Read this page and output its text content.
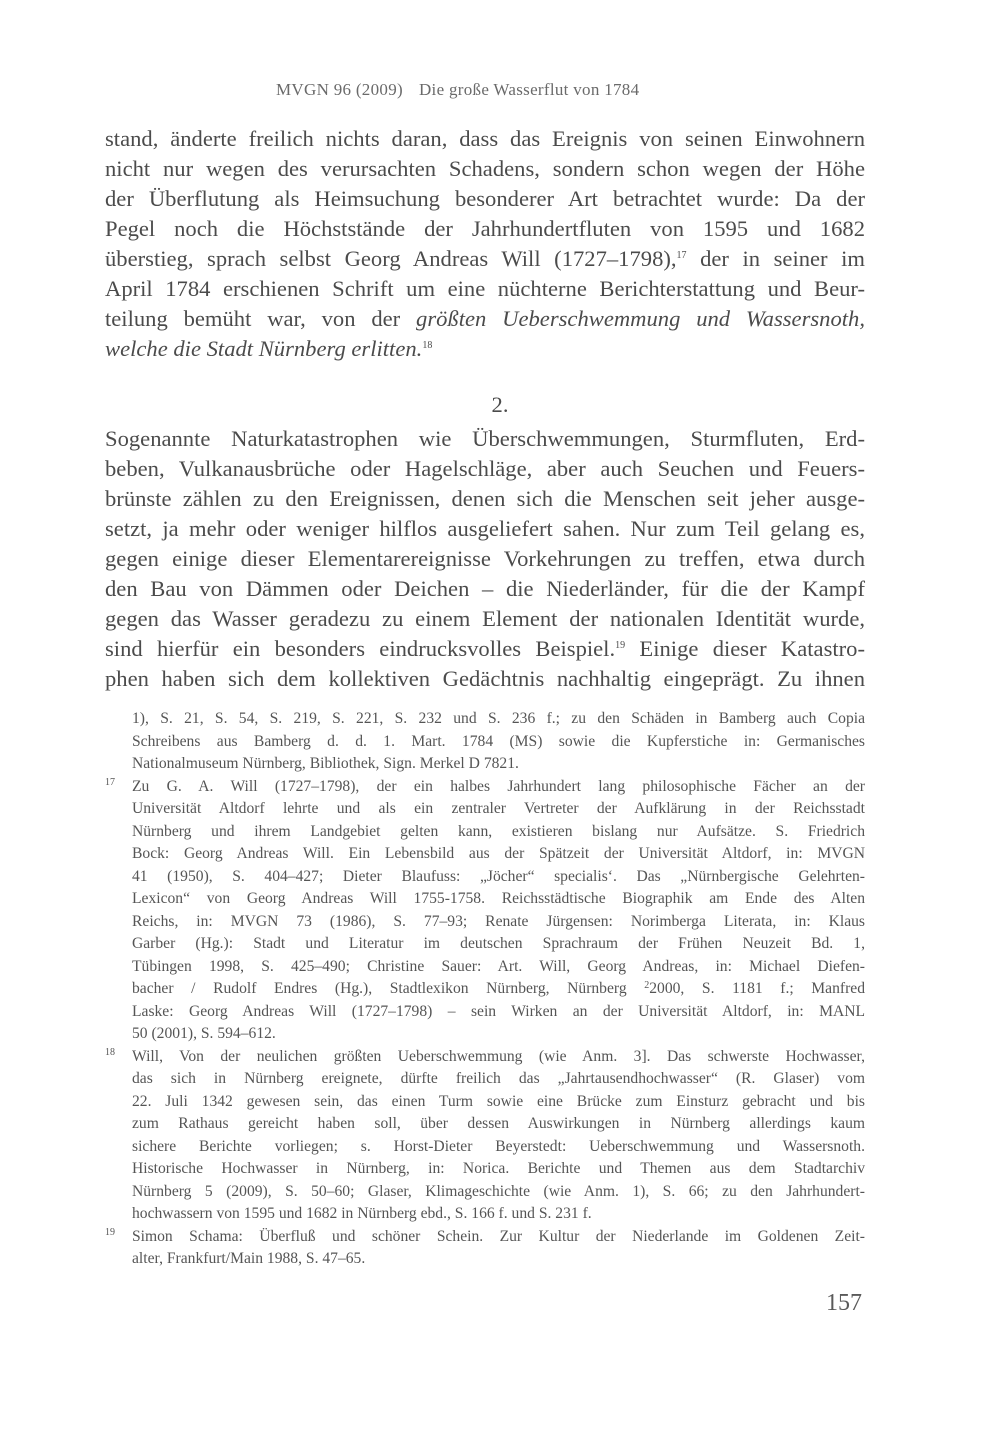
MVGN 96 (2009) Die große Wasserflut von 1784
stand, änderte freilich nichts daran, dass das Ereignis von seinen Einwohnern
nicht nur wegen des verursachten Schadens, sondern schon wegen der Höhe
der Überflutung als Heimsuchung besonderer Art betrachtet wurde: Da der
Pegel noch die Höchststände der Jahrhundertfluten von 1595 und 1682
überstieg, sprach selbst Georg Andreas Will (1727–1798),$^{17}$ der in seiner im
April 1784 erschienen Schrift um eine nüchterne Berichterstattung und Beur-
teilung bemüht war, von der größten Ueberschwemmung und Wassersnoth,
welche die Stadt Nürnberg erlitten.$^{18}$
2.
Sogenannte Naturkatastrophen wie Überschwemmungen, Sturmfluten, Erd-
beben, Vulkanausbrüche oder Hagelschläge, aber auch Seuchen und Feuers-
brünste zählen zu den Ereignissen, denen sich die Menschen seit jeher ausge-
setzt, ja mehr oder weniger hilflos ausgeliefert sahen. Nur zum Teil gelang es,
gegen einige dieser Elementarereignisse Vorkehrungen zu treffen, etwa durch
den Bau von Dämmen oder Deichen – die Niederländer, für die der Kampf
gegen das Wasser geradezu zu einem Element der nationalen Identität wurde,
sind hierfür ein besonders eindrucksvolles Beispiel.$^{19}$ Einige dieser Katastro-
phen haben sich dem kollektiven Gedächtnis nachhaltig eingeprägt. Zu ihnen
1), S. 21, S. 54, S. 219, S. 221, S. 232 und S. 236 f.; zu den Schäden in Bamberg auch Copia
Schreibens aus Bamberg d. d. 1. Mart. 1784 (MS) sowie die Kupferstiche in: Germanisches
Nationalmuseum Nürnberg, Bibliothek, Sign. Merkel D 7821.
17 Zu G. A. Will (1727–1798), der ein halbes Jahrhundert lang philosophische Fächer an der
Universität Altdorf lehrte und als ein zentraler Vertreter der Aufklärung in der Reichsstadt
Nürnberg und ihrem Landgebiet gelten kann, existieren bislang nur Aufsätze. S. Friedrich
Bock: Georg Andreas Will. Ein Lebensbild aus der Spätzeit der Universität Altdorf, in: MVGN
41 (1950), S. 404–427; Dieter Blaufuss: „Jöcher“ specialis‘. Das „Nürnbergische Gelehrten-
Lexicon“ von Georg Andreas Will 1755-1758. Reichsstädtische Biographik am Ende des Alten
Reichs, in: MVGN 73 (1986), S. 77–93; Renate Jürgensen: Norimberga Literata, in: Klaus
Garber (Hg.): Stadt und Literatur im deutschen Sprachraum der Frühen Neuzeit Bd. 1,
Tübingen 1998, S. 425–490; Christine Sauer: Art. Will, Georg Andreas, in: Michael Diefen-
bacher / Rudolf Endres (Hg.), Stadtlexikon Nürnberg, Nürnberg $^2$2000, S. 1181 f.; Manfred
Laske: Georg Andreas Will (1727–1798) – sein Wirken an der Universität Altdorf, in: MANL
50 (2001), S. 594–612.
18 Will, Von der neulichen größten Ueberschwemmung (wie Anm. 3]. Das schwerste Hochwasser,
das sich in Nürnberg ereignete, dürfte freilich das „Jahrtausendhochwasser“ (R. Glaser) vom
22. Juli 1342 gewesen sein, das einen Turm sowie eine Brücke zum Einsturz gebracht und bis
zum Rathaus gereicht haben soll, über dessen Auswirkungen in Nürnberg allerdings kaum
sichere Berichte vorliegen; s. Horst-Dieter Beyerstedt: Ueberschwemmung und Wassersnoth.
Historische Hochwasser in Nürnberg, in: Norica. Berichte und Themen aus dem Stadtarchiv
Nürnberg 5 (2009), S. 50–60; Glaser, Klimageschichte (wie Anm. 1), S. 66; zu den Jahrhundert-
hochwassern von 1595 und 1682 in Nürnberg ebd., S. 166 f. und S. 231 f.
19 Simon Schama: Überfluß und schöner Schein. Zur Kultur der Niederlande im Goldenen Zeit-
alter, Frankfurt/Main 1988, S. 47–65.
157
